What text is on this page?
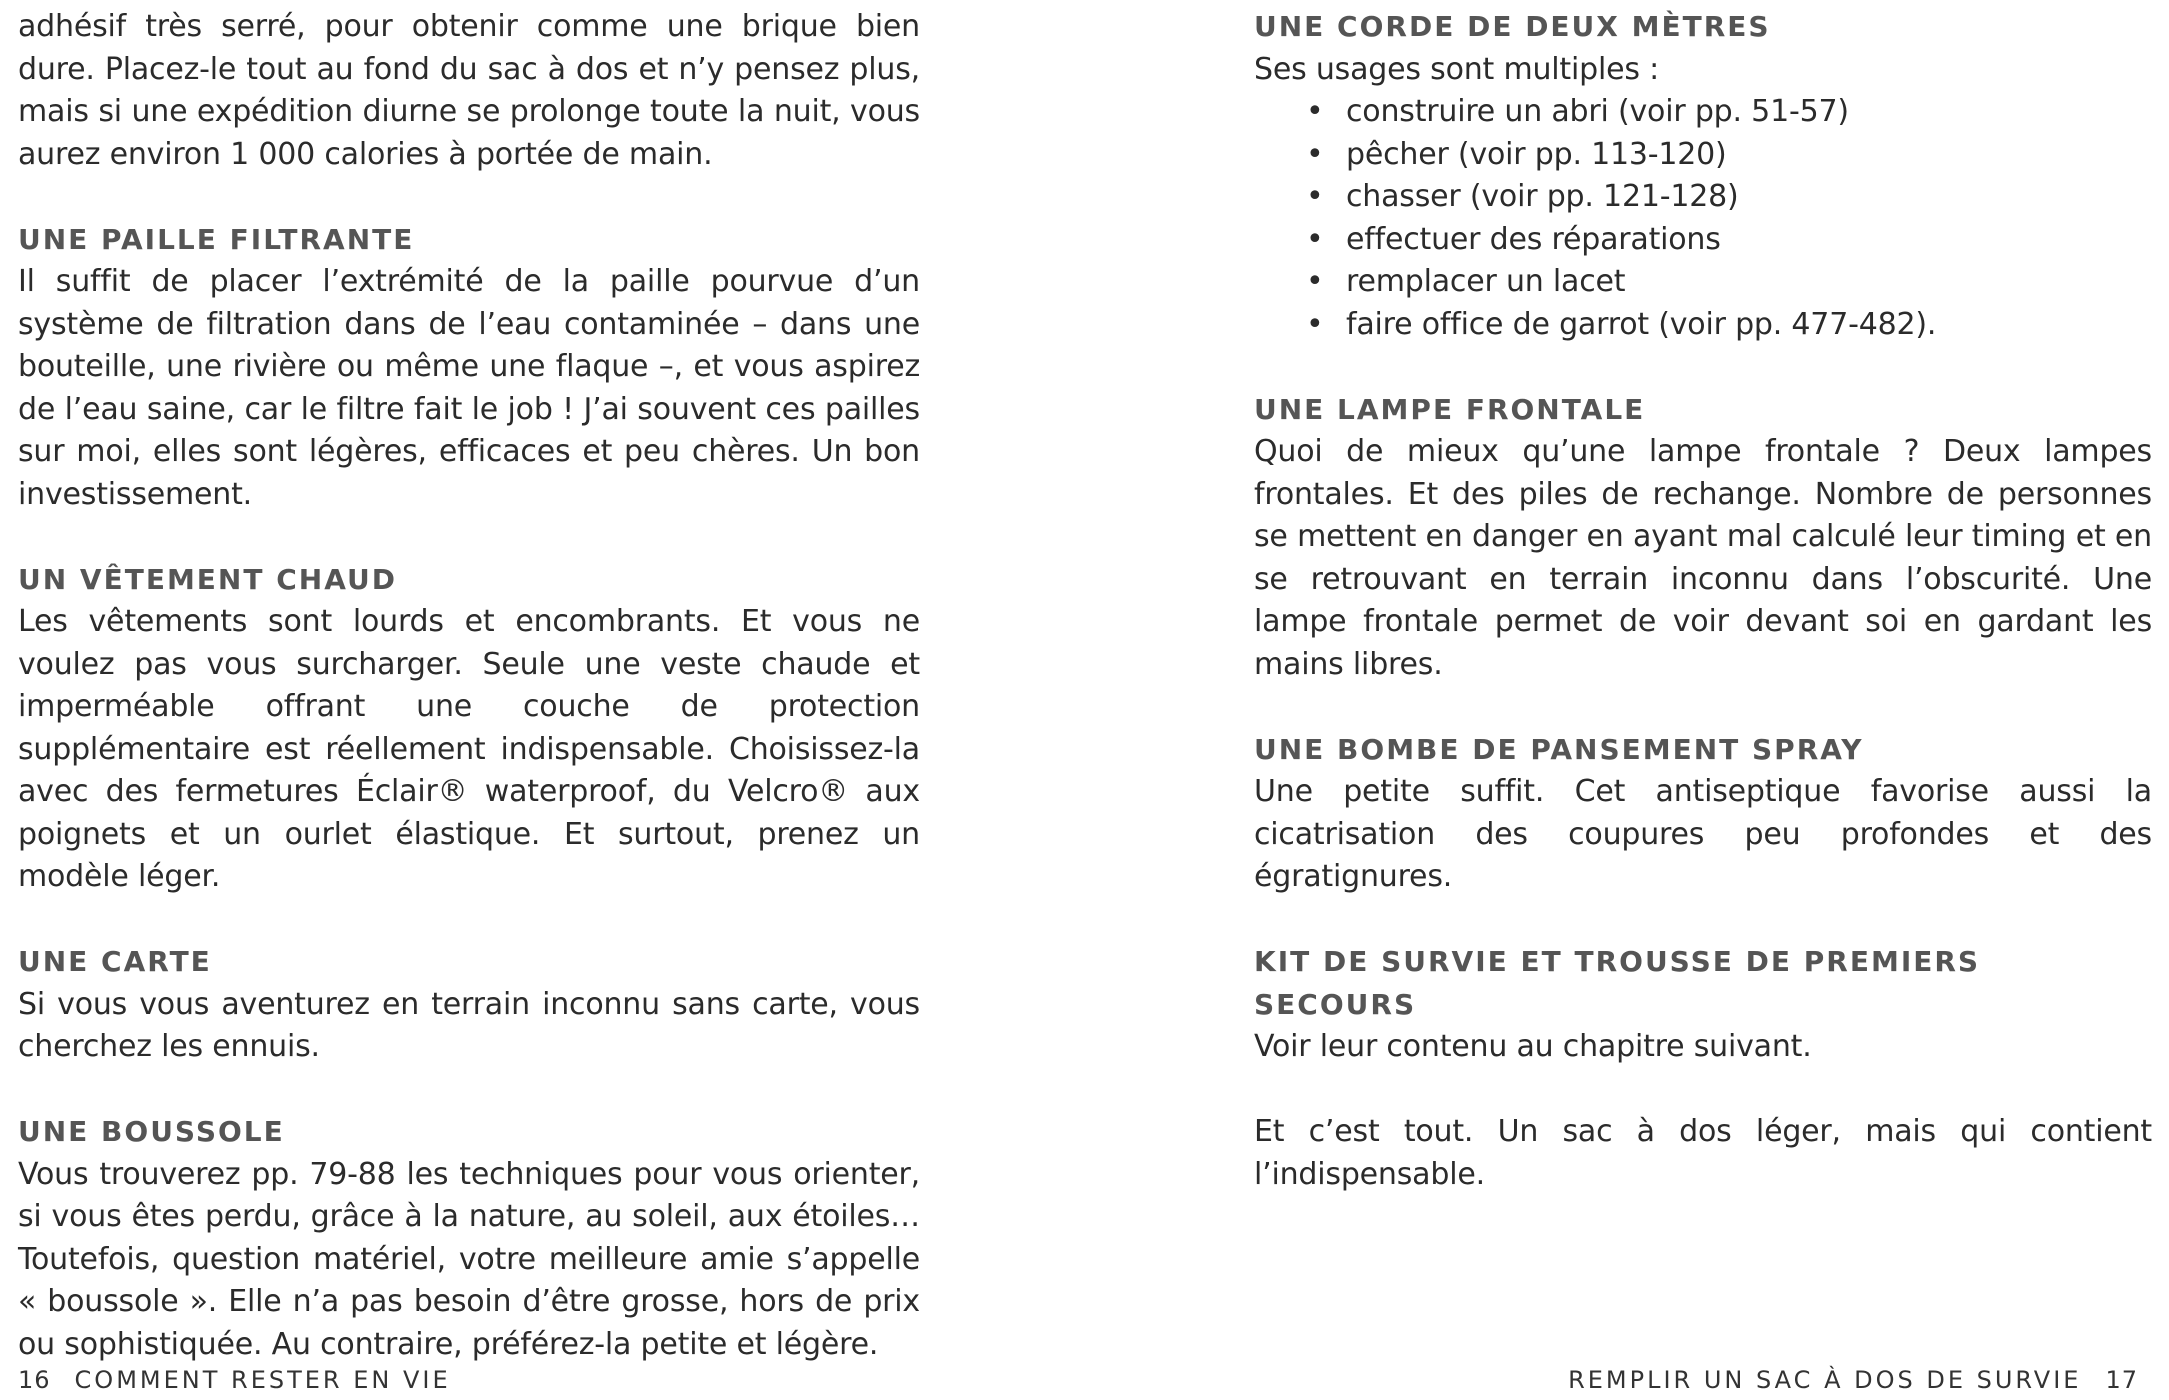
adhésif très serré, pour obtenir comme une brique bien dure. Placez-le tout au fond du sac à dos et n’y pensez plus, mais si une expédition diurne se prolonge toute la nuit, vous aurez environ 1 000 calories à portée de main.

UNE PAILLE FILTRANTE

Il suffit de placer l’extrémité de la paille pourvue d’un système de filtration dans de l’eau contaminée – dans une bouteille, une rivière ou même une flaque –, et vous aspirez de l’eau saine, car le filtre fait le job ! J’ai souvent ces pailles sur moi, elles sont légères, efficaces et peu chères. Un bon investissement.

UN VÊTEMENT CHAUD

Les vêtements sont lourds et encombrants. Et vous ne voulez pas vous surcharger. Seule une veste chaude et imperméable offrant une couche de protection supplémentaire est réellement indispensable. Choisissez-la avec des fermetures Éclair® waterproof, du Velcro® aux poignets et un ourlet élastique. Et surtout, prenez un modèle léger.

UNE CARTE

Si vous vous aventurez en terrain inconnu sans carte, vous cherchez les ennuis.

UNE BOUSSOLE

Vous trouverez pp. 79-88 les techniques pour vous orienter, si vous êtes perdu, grâce à la nature, au soleil, aux étoiles… Toutefois, question matériel, votre meilleure amie s’appelle « boussole ». Elle n’a pas besoin d’être grosse, hors de prix ou sophistiquée. Au contraire, préférez-la petite et légère.

16 COMMENT RESTER EN VIE
UNE CORDE DE DEUX MÈTRES

Ses usages sont multiples :

• construire un abri (voir pp. 51-57)
• pêcher (voir pp. 113-120)
• chasser (voir pp. 121-128)
• effectuer des réparations
• remplacer un lacet
• faire office de garrot (voir pp. 477-482).
UNE LAMPE FRONTALE

Quoi de mieux qu’une lampe frontale ? Deux lampes frontales. Et des piles de rechange. Nombre de personnes se mettent en danger en ayant mal calculé leur timing et en se retrouvant en terrain inconnu dans l’obscurité. Une lampe frontale permet de voir devant soi en gardant les mains libres.

UNE BOMBE DE PANSEMENT SPRAY

Une petite suffit. Cet antiseptique favorise aussi la cicatrisation des coupures peu profondes et des égratignures.

KIT DE SURVIE ET TROUSSE DE PREMIERS SECOURS

Voir leur contenu au chapitre suivant.

Et c’est tout. Un sac à dos léger, mais qui contient l’indispensable.

REMPLIR UN SAC À DOS DE SURVIE 17
